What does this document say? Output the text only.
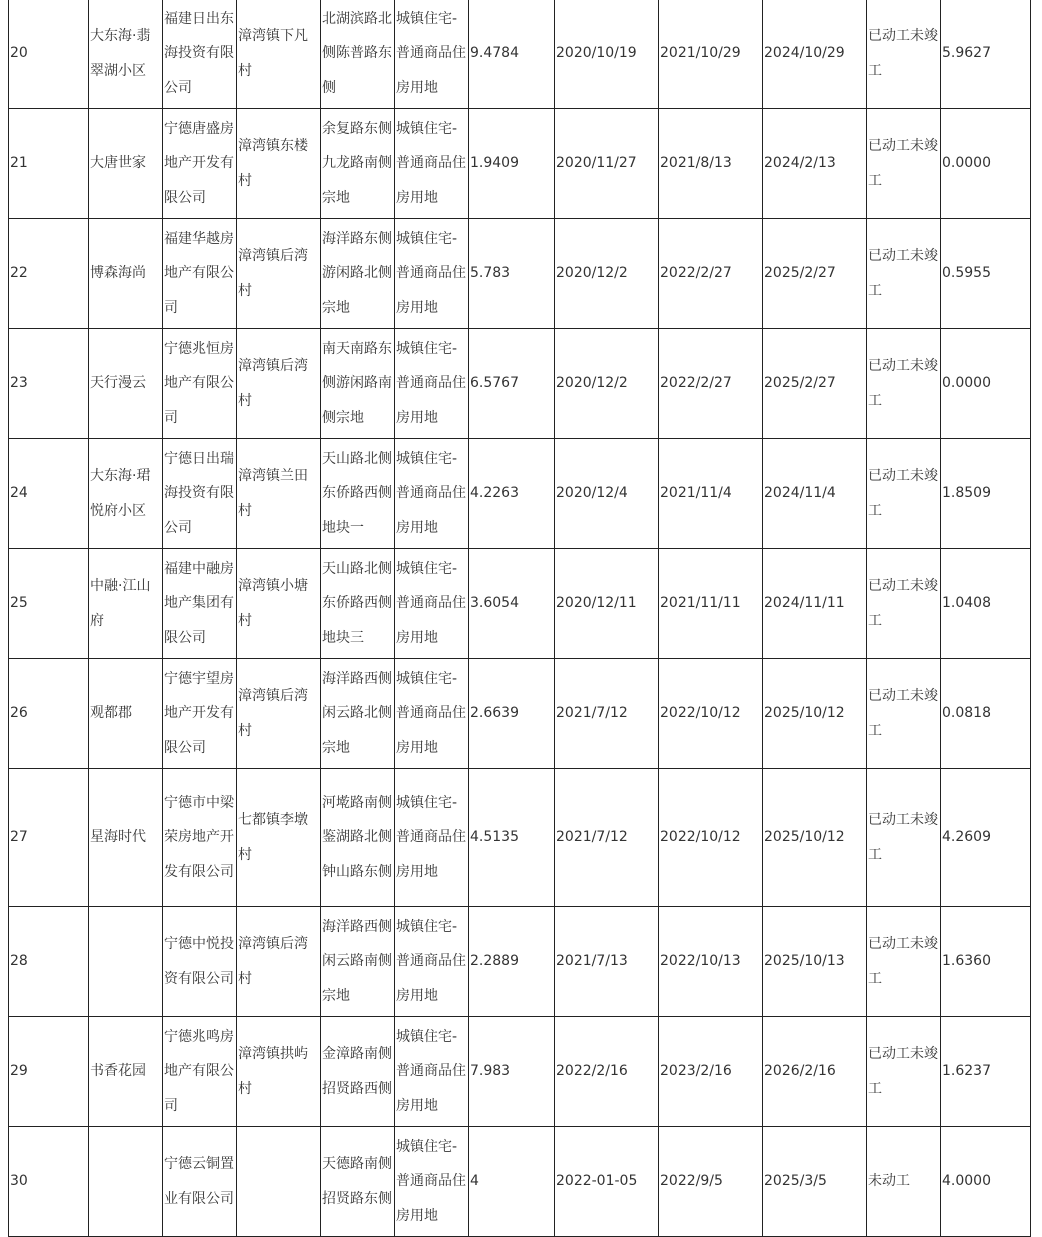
20	大东海·翡翠湖小区	福建日出东海投资有限公司	漳湾镇下凡村	北湖滨路北侧陈普路东侧	城镇住宅-普通商品住房用地	9.4784	2020/10/19	2021/10/29	2024/10/29	已动工未竣工	5.9627
21	大唐世家	宁德唐盛房地产开发有限公司	漳湾镇东楼村	余复路东侧九龙路南侧宗地	城镇住宅-普通商品住房用地	1.9409	2020/11/27	2021/8/13	2024/2/13	已动工未竣工	0.0000
22	博森海尚	福建华越房地产有限公司	漳湾镇后湾村	海洋路东侧游闲路北侧宗地	城镇住宅-普通商品住房用地	5.783	2020/12/2	2022/2/27	2025/2/27	已动工未竣工	0.5955
23	天行漫云	宁德兆恒房地产有限公司	漳湾镇后湾村	南天南路东侧游闲路南侧宗地	城镇住宅-普通商品住房用地	6.5767	2020/12/2	2022/2/27	2025/2/27	已动工未竣工	0.0000
24	大东海·珺悦府小区	宁德日出瑞海投资有限公司	漳湾镇兰田村	天山路北侧东侨路西侧地块一	城镇住宅-普通商品住房用地	4.2263	2020/12/4	2021/11/4	2024/11/4	已动工未竣工	1.8509
25	中融·江山府	福建中融房地产集团有限公司	漳湾镇小塘村	天山路北侧东侨路西侧地块三	城镇住宅-普通商品住房用地	3.6054	2020/12/11	2021/11/11	2024/11/11	已动工未竣工	1.0408
26	观都郡	宁德宇望房地产开发有限公司	漳湾镇后湾村	海洋路西侧闲云路北侧宗地	城镇住宅-普通商品住房用地	2.6639	2021/7/12	2022/10/12	2025/10/12	已动工未竣工	0.0818
27	星海时代	宁德市中梁荣房地产开发有限公司	七都镇李墩村	河墘路南侧鉴湖路北侧钟山路东侧	城镇住宅-普通商品住房用地	4.5135	2021/7/12	2022/10/12	2025/10/12	已动工未竣工	4.2609
28		宁德中悦投资有限公司	漳湾镇后湾村	海洋路西侧闲云路南侧宗地	城镇住宅-普通商品住房用地	2.2889	2021/7/13	2022/10/13	2025/10/13	已动工未竣工	1.6360
29	书香花园	宁德兆鸣房地产有限公司	漳湾镇拱屿村	金漳路南侧招贤路西侧	城镇住宅-普通商品住房用地	7.983	2022/2/16	2023/2/16	2026/2/16	已动工未竣工	1.6237
30		宁德云铜置业有限公司		天德路南侧招贤路东侧	城镇住宅-普通商品住房用地	4	2022-01-05	2022/9/5	2025/3/5	未动工	4.0000
